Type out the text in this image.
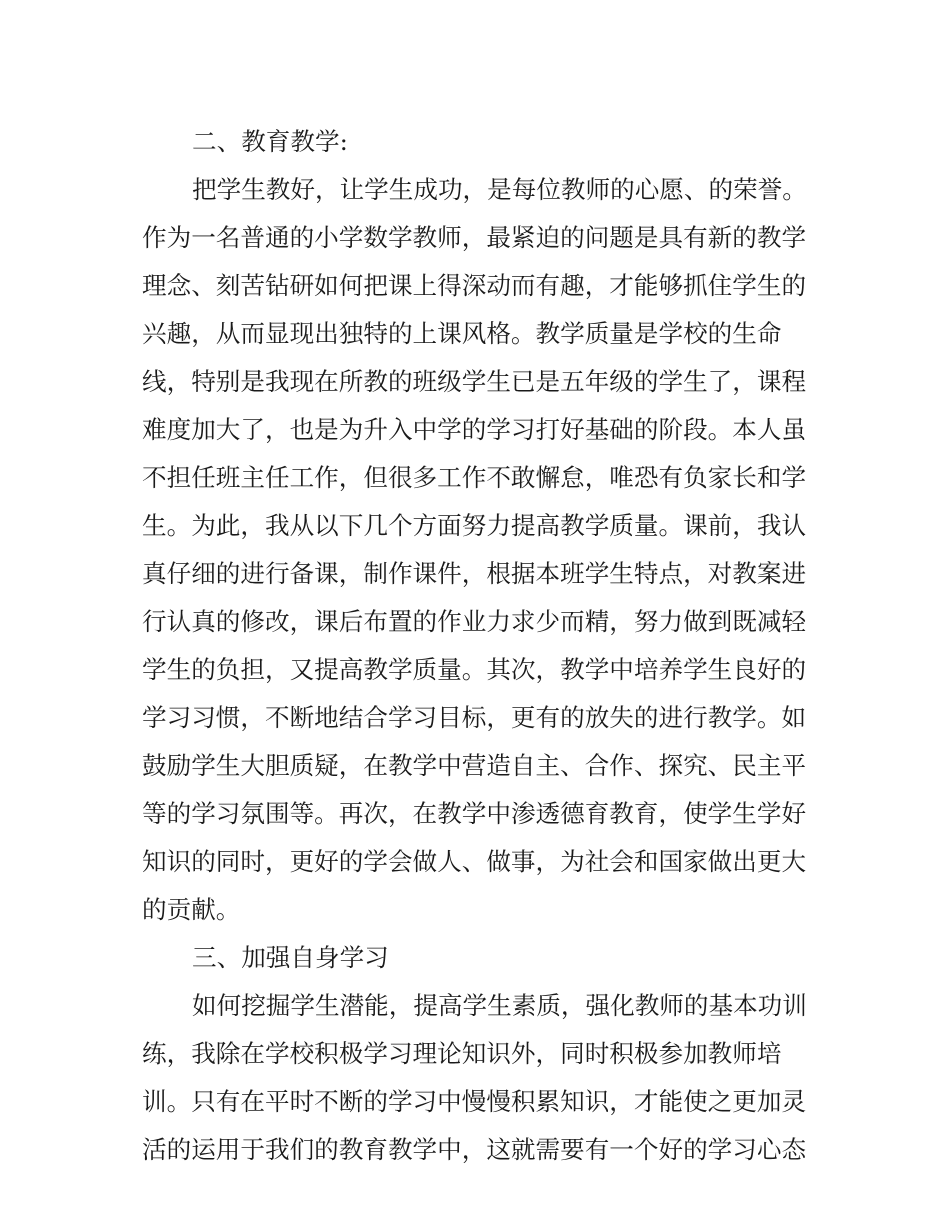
二、教育教学:
把学生教好，让学生成功，是每位教师的心愿、的荣誉。
作为一名普通的小学数学教师，最紧迫的问题是具有新的教学
理念、刻苦钻研如何把课上得深动而有趣，才能够抓住学生的
兴趣，从而显现出独特的上课风格。教学质量是学校的生命
线，特别是我现在所教的班级学生已是五年级的学生了，课程
难度加大了，也是为升入中学的学习打好基础的阶段。本人虽
不担任班主任工作，但很多工作不敢懈怠，唯恐有负家长和学
生。为此，我从以下几个方面努力提高教学质量。课前，我认
真仔细的进行备课，制作课件，根据本班学生特点，对教案进
行认真的修改，课后布置的作业力求少而精，努力做到既减轻
学生的负担，又提高教学质量。其次，教学中培养学生良好的
学习习惯，不断地结合学习目标，更有的放失的进行教学。如
鼓励学生大胆质疑，在教学中营造自主、合作、探究、民主平
等的学习氛围等。再次，在教学中渗透德育教育，使学生学好
知识的同时，更好的学会做人、做事，为社会和国家做出更大
的贡献。
三、加强自身学习
如何挖掘学生潜能，提高学生素质，强化教师的基本功训
练，我除在学校积极学习理论知识外，同时积极参加教师培
训。只有在平时不断的学习中慢慢积累知识，才能使之更加灵
活的运用于我们的教育教学中，这就需要有一个好的学习心态
